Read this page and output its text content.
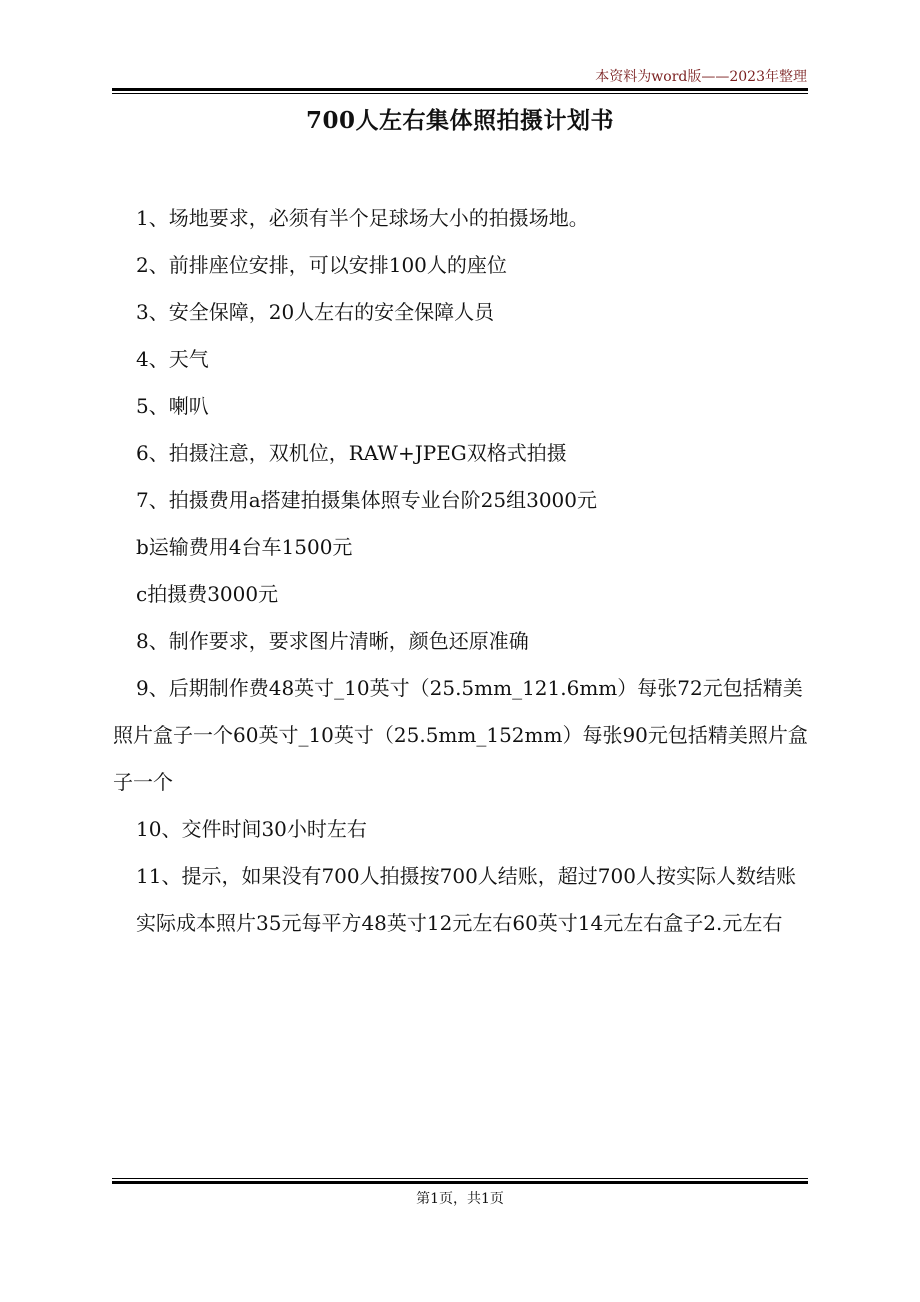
本资料为word版——2023年整理
700人左右集体照拍摄计划书

1、场地要求，必须有半个足球场大小的拍摄场地。

2、前排座位安排，可以安排100人的座位

3、安全保障，20人左右的安全保障人员

4、天气

5、喇叭

6、拍摄注意，双机位，RAW+JPEG双格式拍摄

7、拍摄费用a搭建拍摄集体照专业台阶25组3000元

b运输费用4台车1500元

c拍摄费3000元

8、制作要求，要求图片清晰，颜色还原准确

9、后期制作费48英寸_10英寸（25.5mm_121.6mm）每张72元包括精美照片盒子一个60英寸_10英寸（25.5mm_152mm）每张90元包括精美照片盒子一个

10、交件时间30小时左右

11、提示，如果没有700人拍摄按700人结账，超过700人按实际人数结账

实际成本照片35元每平方48英寸12元左右60英寸14元左右盒子2.元左右

第1页，共1页
